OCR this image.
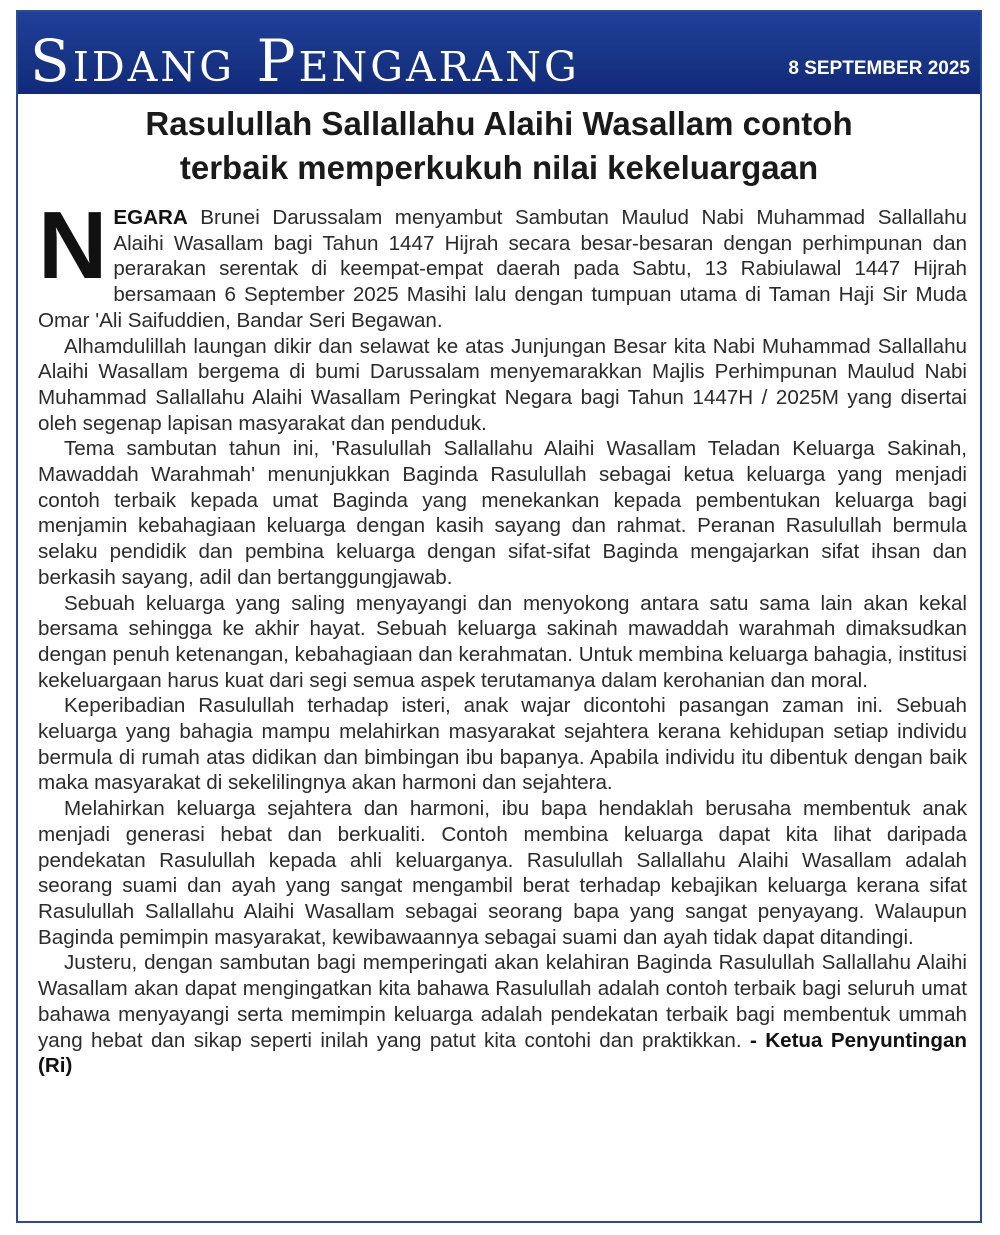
Sidang Pengarang	8 SEPTEMBER 2025
Rasulullah Sallallahu Alaihi Wasallam contoh
terbaik memperkukuh nilai kekeluargaan

NEGARA Brunei Darussalam menyambut Sambutan Maulud Nabi Muhammad Sallallahu Alaihi Wasallam bagi Tahun 1447 Hijrah secara besar-besaran dengan perhimpunan dan perarakan serentak di keempat-empat daerah pada Sabtu, 13 Rabiulawal 1447 Hijrah bersamaan 6 September 2025 Masihi lalu dengan tumpuan utama di Taman Haji Sir Muda Omar 'Ali Saifuddien, Bandar Seri Begawan.

Alhamdulillah laungan dikir dan selawat ke atas Junjungan Besar kita Nabi Muhammad Sallallahu Alaihi Wasallam bergema di bumi Darussalam menyemarakkan Majlis Perhimpunan Maulud Nabi Muhammad Sallallahu Alaihi Wasallam Peringkat Negara bagi Tahun 1447H / 2025M yang disertai oleh segenap lapisan masyarakat dan penduduk.

Tema sambutan tahun ini, 'Rasulullah Sallallahu Alaihi Wasallam Teladan Keluarga Sakinah, Mawaddah Warahmah' menunjukkan Baginda Rasulullah sebagai ketua keluarga yang menjadi contoh terbaik kepada umat Baginda yang menekankan kepada pembentukan keluarga bagi menjamin kebahagiaan keluarga dengan kasih sayang dan rahmat. Peranan Rasulullah bermula selaku pendidik dan pembina keluarga dengan sifat-sifat Baginda mengajarkan sifat ihsan dan berkasih sayang, adil dan bertanggungjawab.

Sebuah keluarga yang saling menyayangi dan menyokong antara satu sama lain akan kekal bersama sehingga ke akhir hayat. Sebuah keluarga sakinah mawaddah warahmah dimaksudkan dengan penuh ketenangan, kebahagiaan dan kerahmatan. Untuk membina keluarga bahagia, institusi kekeluargaan harus kuat dari segi semua aspek terutamanya dalam kerohanian dan moral.

Keperibadian Rasulullah terhadap isteri, anak wajar dicontohi pasangan zaman ini. Sebuah keluarga yang bahagia mampu melahirkan masyarakat sejahtera kerana kehidupan setiap individu bermula di rumah atas didikan dan bimbingan ibu bapanya. Apabila individu itu dibentuk dengan baik maka masyarakat di sekelilingnya akan harmoni dan sejahtera.

Melahirkan keluarga sejahtera dan harmoni, ibu bapa hendaklah berusaha membentuk anak menjadi generasi hebat dan berkualiti. Contoh membina keluarga dapat kita lihat daripada pendekatan Rasulullah kepada ahli keluarganya. Rasulullah Sallallahu Alaihi Wasallam adalah seorang suami dan ayah yang sangat mengambil berat terhadap kebajikan keluarga kerana sifat Rasulullah Sallallahu Alaihi Wasallam sebagai seorang bapa yang sangat penyayang. Walaupun Baginda pemimpin masyarakat, kewibawaannya sebagai suami dan ayah tidak dapat ditandingi.

Justeru, dengan sambutan bagi memperingati akan kelahiran Baginda Rasulullah Sallallahu Alaihi Wasallam akan dapat mengingatkan kita bahawa Rasulullah adalah contoh terbaik bagi seluruh umat bahawa menyayangi serta memimpin keluarga adalah pendekatan terbaik bagi membentuk ummah yang hebat dan sikap seperti inilah yang patut kita contohi dan praktikkan. - Ketua Penyuntingan (Ri)
